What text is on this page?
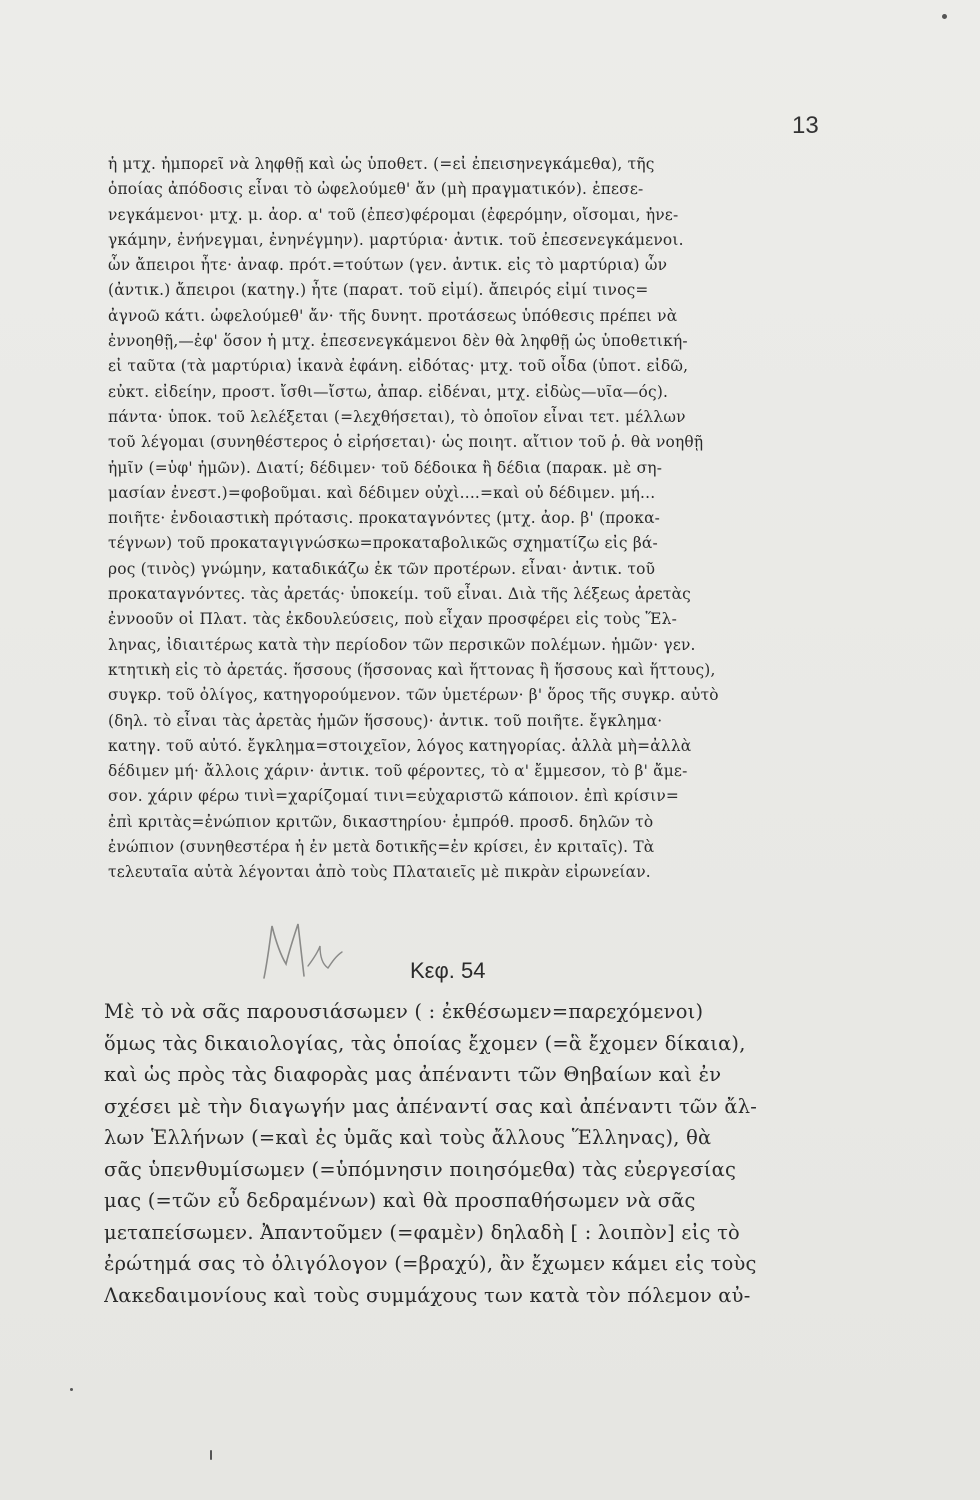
13
ἡ μτχ. ἠμπορεῖ νὰ ληφθῇ καὶ ὡς ὑποθετ. (=εἰ ἐπεισηνεγκάμεθα), τῆς
ὁποίας ἀπόδοσις εἶναι τὸ ὠφελούμεθ' ἄν (μὴ πραγματικόν). ἐπεσε-
νεγκάμενοι· μτχ. μ. ἀορ. α' τοῦ (ἐπεσ)φέρομαι (ἐφερόμην, οἴσομαι, ἠνε-
γκάμην, ἐνήνεγμαι, ἐνηνέγμην). μαρτύρια· ἀντικ. τοῦ ἐπεσενεγκάμενοι.
ὧν ἄπειροι ἦτε· ἀναφ. πρότ.=τούτων (γεν. ἀντικ. εἰς τὸ μαρτύρια) ὧν
(ἀντικ.) ἄπειροι (κατηγ.) ἦτε (παρατ. τοῦ εἰμί). ἄπειρός εἰμί τινος=
ἀγνοῶ κάτι. ὠφελούμεθ' ἄν· τῆς δυνητ. προτάσεως ὑπόθεσις πρέπει νὰ
ἐννοηθῇ,—ἐφ' ὅσον ἡ μτχ. ἐπεσενεγκάμενοι δὲν θὰ ληφθῇ ὡς ὑποθετική-
εἰ ταῦτα (τὰ μαρτύρια) ἱκανὰ ἐφάνη. εἰδότας· μτχ. τοῦ οἶδα (ὑποτ. εἰδῶ,
εὐκτ. εἰδείην, προστ. ἴσθι—ἴστω, ἀπαρ. εἰδέναι, μτχ. εἰδὼς—υῖα—ός).
πάντα· ὑποκ. τοῦ λελέξεται (=λεχθήσεται), τὸ ὁποῖον εἶναι τετ. μέλλων
τοῦ λέγομαι (συνηθέστερος ὁ εἰρήσεται)· ὡς ποιητ. αἴτιον τοῦ ῥ. θὰ νοηθῇ
ἡμῖν (=ὑφ' ἡμῶν). Διατί; δέδιμεν· τοῦ δέδοικα ἢ δέδια (παρακ. μὲ ση-
μασίαν ἐνεστ.)=φοβοῦμαι. καὶ δέδιμεν οὐχὶ....=καὶ οὐ δέδιμεν. μή...
ποιῆτε· ἐνδοιαστικὴ πρότασις. προκαταγνόντες (μτχ. ἀορ. β' (προκα-
τέγνων) τοῦ προκαταγιγνώσκω=προκαταβολικῶς σχηματίζω εἰς βά-
ρος (τινὸς) γνώμην, καταδικάζω ἐκ τῶν προτέρων. εἶναι· ἀντικ. τοῦ
προκαταγνόντες. τὰς ἀρετάς· ὑποκείμ. τοῦ εἶναι. Διὰ τῆς λέξεως ἀρετὰς
ἐννοοῦν οἱ Πλατ. τὰς ἐκδουλεύσεις, ποὺ εἶχαν προσφέρει εἰς τοὺς Ἕλ-
ληνας, ἰδιαιτέρως κατὰ τὴν περίοδον τῶν περσικῶν πολέμων. ἡμῶν· γεν.
κτητικὴ εἰς τὸ ἀρετάς. ἥσσους (ἥσσονας καὶ ἥττονας ἢ ἥσσους καὶ ἥττους),
συγκρ. τοῦ ὀλίγος, κατηγορούμενον. τῶν ὑμετέρων· β' ὅρος τῆς συγκρ. αὐτὸ
(δηλ. τὸ εἶναι τὰς ἀρετὰς ἡμῶν ἥσσους)· ἀντικ. τοῦ ποιῆτε. ἔγκλημα·
κατηγ. τοῦ αὐτό. ἔγκλημα=στοιχεῖον, λόγος κατηγορίας. ἀλλὰ μὴ=ἀλλὰ
δέδιμεν μή· ἄλλοις χάριν· ἀντικ. τοῦ φέροντες, τὸ α' ἔμμεσον, τὸ β' ἄμε-
σον. χάριν φέρω τινὶ=χαρίζομαί τινι=εὐχαριστῶ κάποιον. ἐπὶ κρίσιν=
ἐπὶ κριτὰς=ἐνώπιον κριτῶν, δικαστηρίου· ἐμπρόθ. προσδ. δηλῶν τὸ
ἐνώπιον (συνηθεστέρα ἡ ἐν μετὰ δοτικῆς=ἐν κρίσει, ἐν κριταῖς). Τὰ
τελευταῖα αὐτὰ λέγονται ἀπὸ τοὺς Πλαταιεῖς μὲ πικρὰν εἰρωνείαν.
Κεφ. 54
Μὲ τὸ νὰ σᾶς παρουσιάσωμεν ( : ἐκθέσωμεν=παρεχόμενοι)
ὅμως τὰς δικαιολογίας, τὰς ὁποίας ἔχομεν (=ἃ ἔχομεν δίκαια),
καὶ ὡς πρὸς τὰς διαφορὰς μας ἀπέναντι τῶν Θηβαίων καὶ ἐν
σχέσει μὲ τὴν διαγωγήν μας ἀπέναντί σας καὶ ἀπέναντι τῶν ἄλ-
λων Ἑλλήνων (=καὶ ἐς ὑμᾶς καὶ τοὺς ἄλλους Ἕλληνας), θὰ
σᾶς ὑπενθυμίσωμεν (=ὑπόμνησιν ποιησόμεθα) τὰς εὐεργεσίας
μας (=τῶν εὖ δεδραμένων) καὶ θὰ προσπαθήσωμεν νὰ σᾶς
μεταπείσωμεν. Ἀπαντοῦμεν (=φαμὲν) δηλαδὴ [ : λοιπὸν] εἰς τὸ
ἐρώτημά σας τὸ ὀλιγόλογον (=βραχύ), ἂν ἔχωμεν κάμει εἰς τοὺς
Λακεδαιμονίους καὶ τοὺς συμμάχους των κατὰ τὸν πόλεμον αὐ-
